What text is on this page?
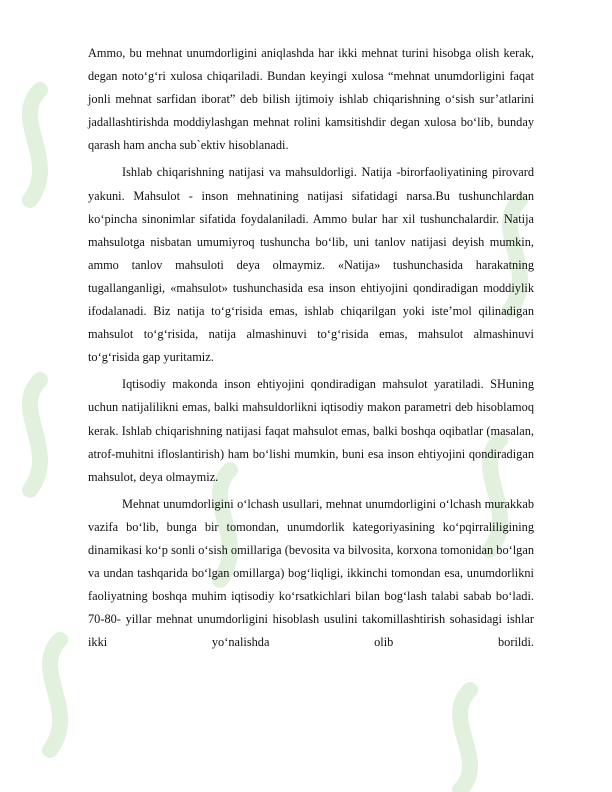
Ammo, bu mehnat unumdorligini aniqlashda har ikki mehnat turini hisobga olish kerak, degan noto‘g‘ri xulosa chiqariladi. Bundan keyingi xulosa “mehnat unumdorligini faqat jonli mehnat sarfidan iborat” deb bilish ijtimoiy ishlab chiqarishning o‘sish sur’atlarini jadallashtirishda moddiylashgan mehnat rolini kamsitishdir degan xulosa bo‘lib, bunday qarash ham ancha sub`ektiv hisoblanadi.

Ishlab chiqarishning natijasi va mahsuldorligi. Natija -birorfaoliyatining pirovard yakuni. Mahsulot - inson mehnatining natijasi sifatidagi narsa.Bu tushunchlardan ko‘pincha sinonimlar sifatida foydalaniladi. Ammo bular har xil tushunchalardir. Natija mahsulotga nisbatan umumiyroq tushuncha bo‘lib, uni tanlov natijasi deyish mumkin, ammo tanlov mahsuloti deya olmaymiz. «Natija» tushunchasida harakatning tugallanganligi, «mahsulot» tushunchasida esa inson ehtiyojini qondiradigan moddiylik ifodalanadi. Biz natija to‘g‘risida emas, ishlab chiqarilgan yoki iste’mol qilinadigan mahsulot to‘g‘risida, natija almashinuvi to‘g‘risida emas, mahsulot almashinuvi to‘g‘risida gap yuritamiz.

Iqtisodiy makonda inson ehtiyojini qondiradigan mahsulot yaratiladi. SHuning uchun natijalilikni emas, balki mahsuldorlikni iqtisodiy makon parametri deb hisoblamoq kerak. Ishlab chiqarishning natijasi faqat mahsulot emas, balki boshqa oqibatlar (masalan, atrof-muhitni ifloslantirish) ham bo‘lishi mumkin, buni esa inson ehtiyojini qondiradigan mahsulot, deya olmaymiz.

Mehnat unumdorligini o‘lchash usullari, mehnat unumdorligini o‘lchash murakkab vazifa bo‘lib, bunga bir tomondan, unumdorlik kategoriyasining ko‘pqirraliligining dinamikasi ko‘p sonli o‘sish omillariga (bevosita va bilvosita, korxona tomonidan bo‘lgan va undan tashqarida bo‘lgan omillarga) bog‘liqligi, ikkinchi tomondan esa, unumdorlikni faoliyatning boshqa muhim iqtisodiy ko‘rsatkichlari bilan bog‘lash talabi sabab bo‘ladi. 70-80- yillar mehnat unumdorligini hisoblash usulini takomillashtirish sohasidagi ishlar ikki yo‘nalishda olib borildi.
